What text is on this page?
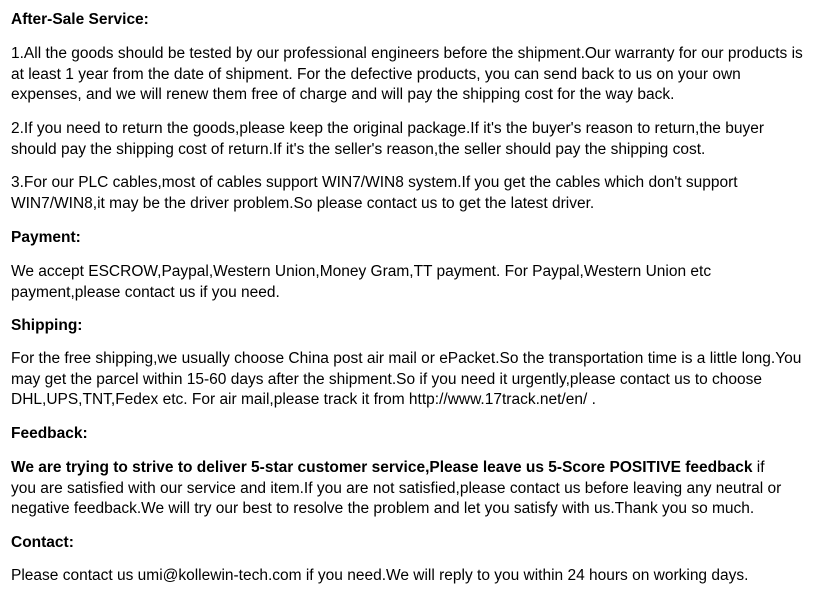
After-Sale Service:
1.All the goods should be tested by our professional engineers before the shipment.Our warranty for our products is
at least 1 year from the date of shipment. For the defective products, you can send back to us on your own
expenses, and we will renew them free of charge and will pay the shipping cost for the way back.
2.If you need to return the goods,please keep the original package.If it's the buyer's reason to return,the buyer
should pay the shipping cost of return.If it's the seller's reason,the seller should pay the shipping cost.
3.For our PLC cables,most of cables support WIN7/WIN8 system.If you get the cables which don't support
WIN7/WIN8,it may be the driver problem.So please contact us to get the latest driver.
Payment:
We accept ESCROW,Paypal,Western Union,Money Gram,TT payment. For Paypal,Western Union etc
payment,please contact us if you need.
Shipping:
For the free shipping,we usually choose China post air mail or ePacket.So the transportation time is a little long.You
may get the parcel within 15-60 days after the shipment.So if you need it urgently,please contact us to choose
DHL,UPS,TNT,Fedex etc. For air mail,please track it from http://www.17track.net/en/ .
Feedback:
We are trying to strive to deliver 5-star customer service,Please leave us 5-Score POSITIVE feedback if
you are satisfied with our service and item.If you are not satisfied,please contact us before leaving any neutral or
negative feedback.We will try our best to resolve the problem and let you satisfy with us.Thank you so much.
Contact:
Please contact us umi@kollewin-tech.com if you need.We will reply to you within 24 hours on working days.
